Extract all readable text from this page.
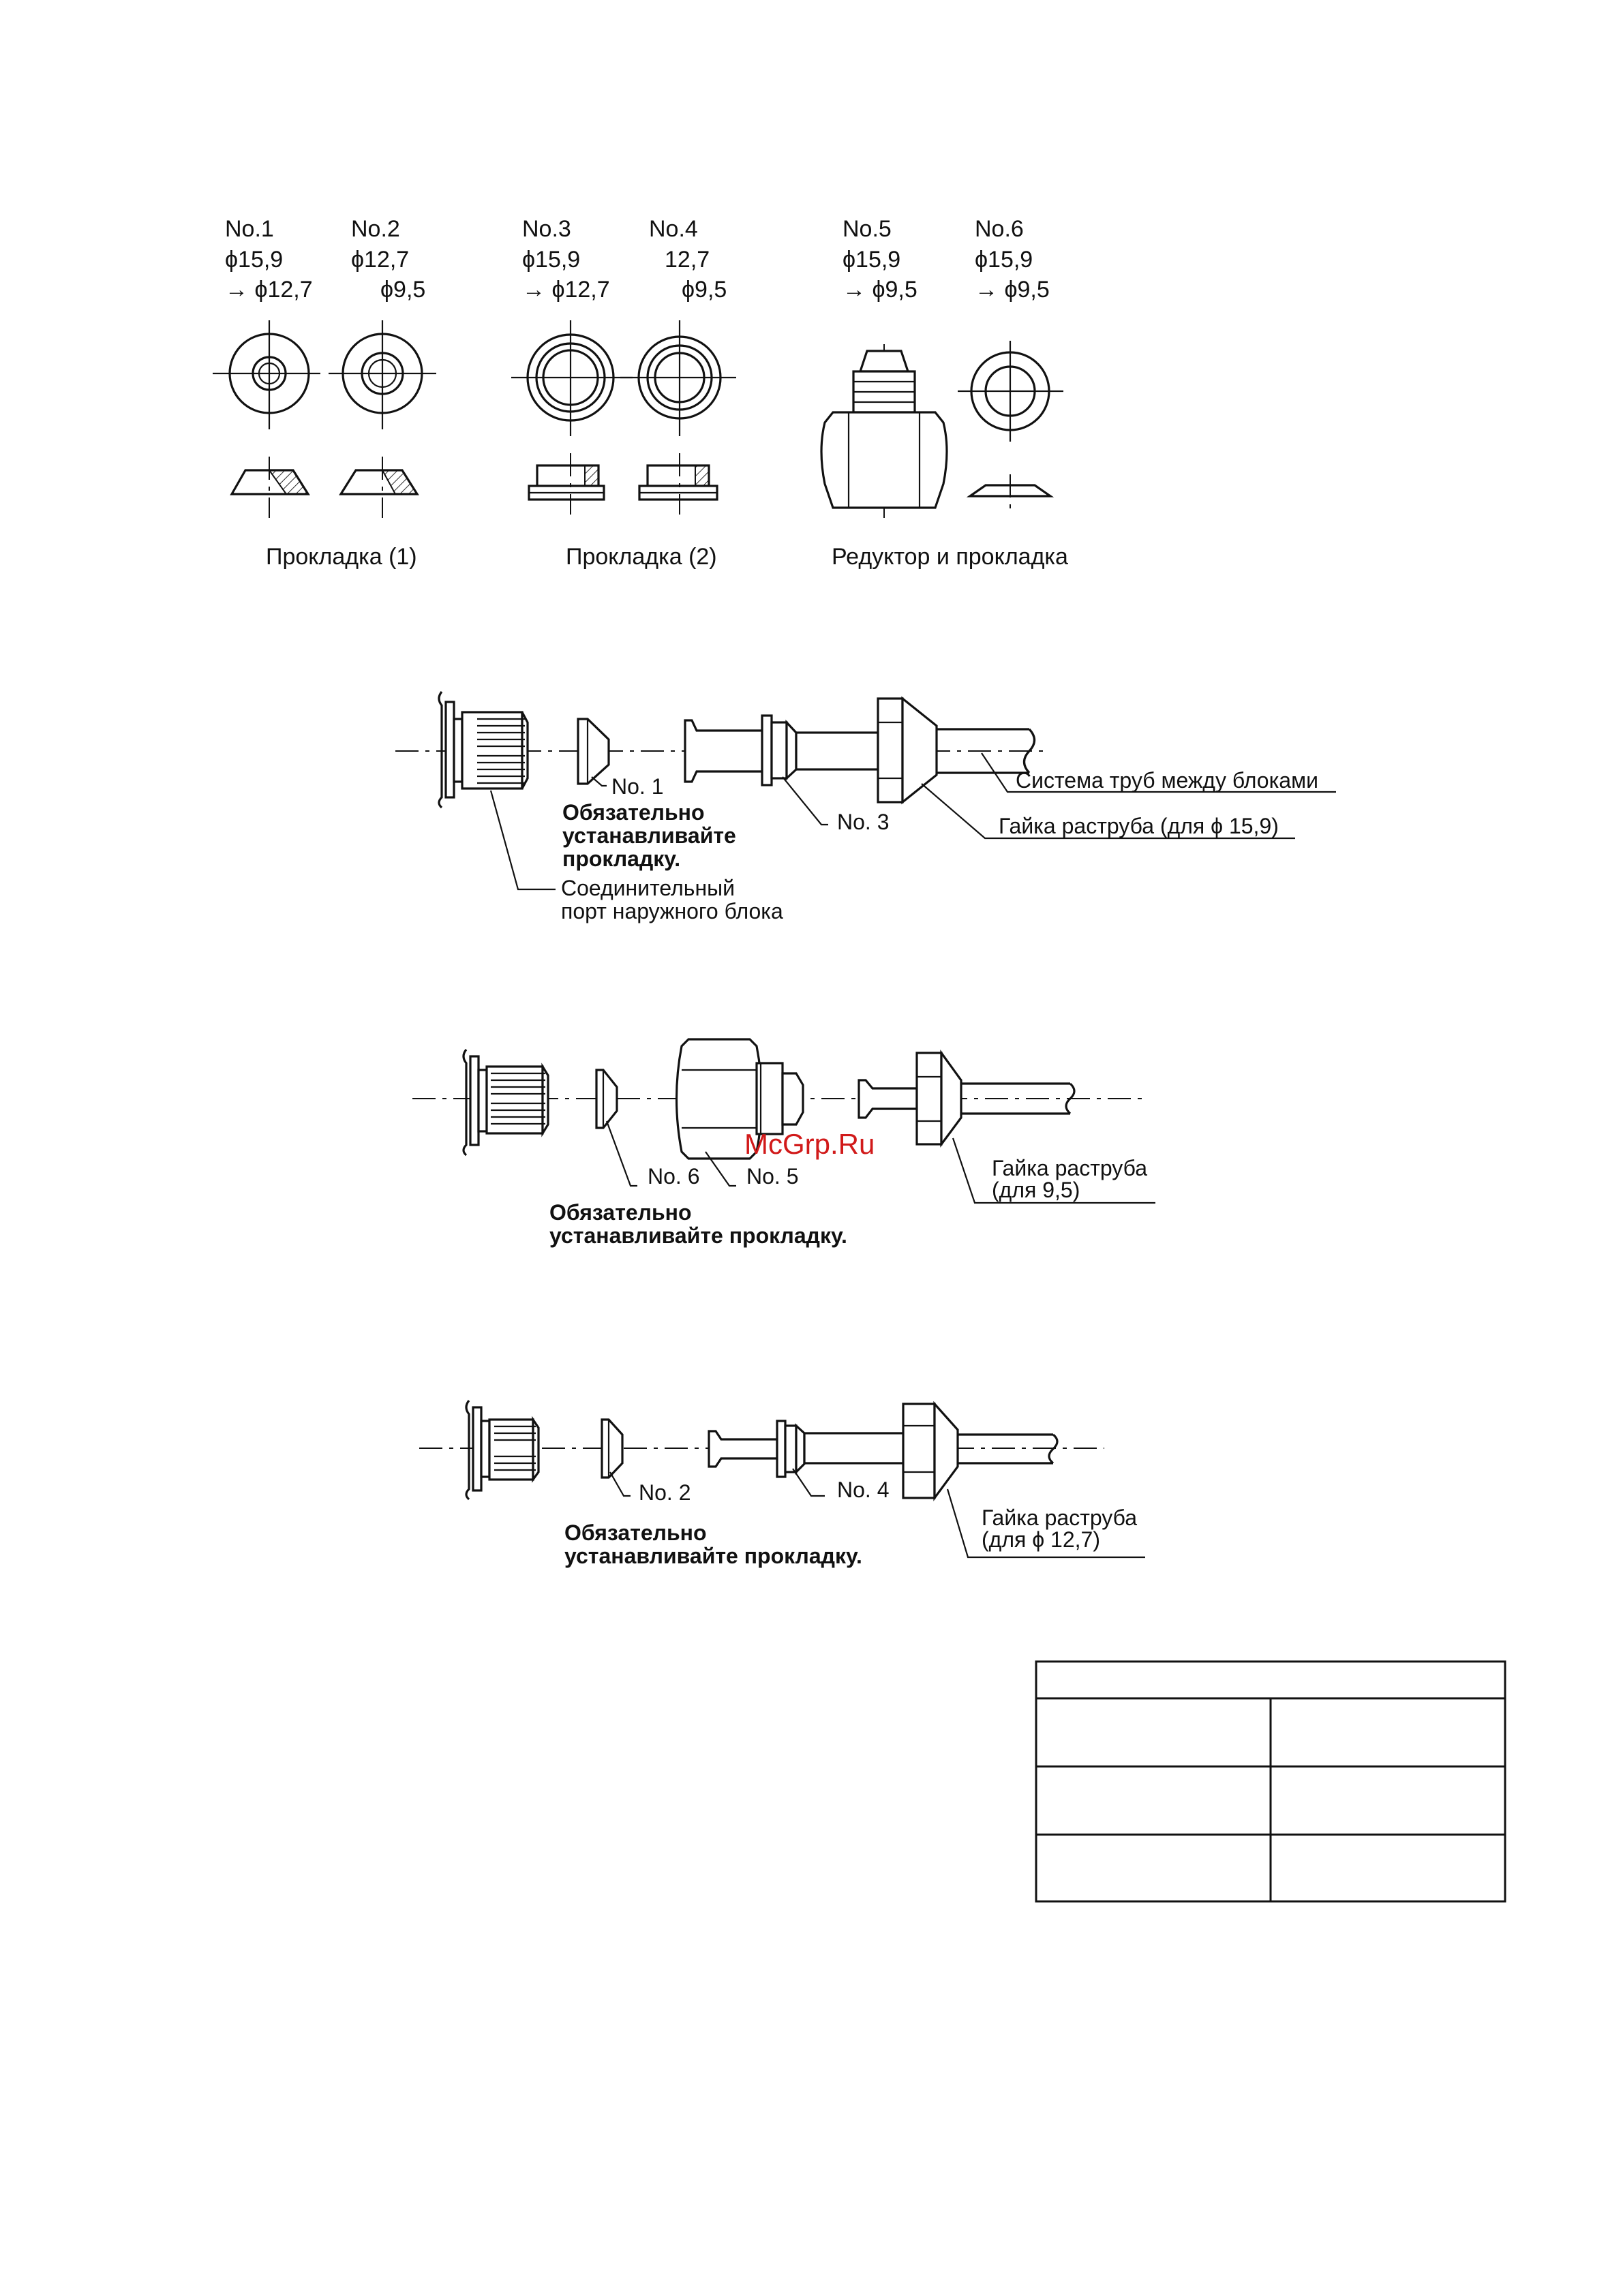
No.1
ϕ15,9
→ ϕ12,7
No.2
ϕ12,7
ϕ9,5
No.3
ϕ15,9
→ ϕ12,7
No.4
12,7
ϕ9,5
No.5
ϕ15,9
→ ϕ9,5
No.6
ϕ15,9
→ ϕ9,5
Прокладка (1)	Прокладка (2)	Редуктор и прокладка
No. 1
No. 3
Система труб между блоками
Гайка раструба (для ϕ 15,9)
Обязательно
устанавливайте
прокладку.
Соединительный
порт наружного блока
No. 6 No. 5	Гайка раструба
(для 9,5)
Обязательно
устанавливайте прокладку.
No. 2	No. 4
Гайка раструба
(для ϕ 12,7)
Обязательно
устанавливайте прокладку.
McGrp.Ru
